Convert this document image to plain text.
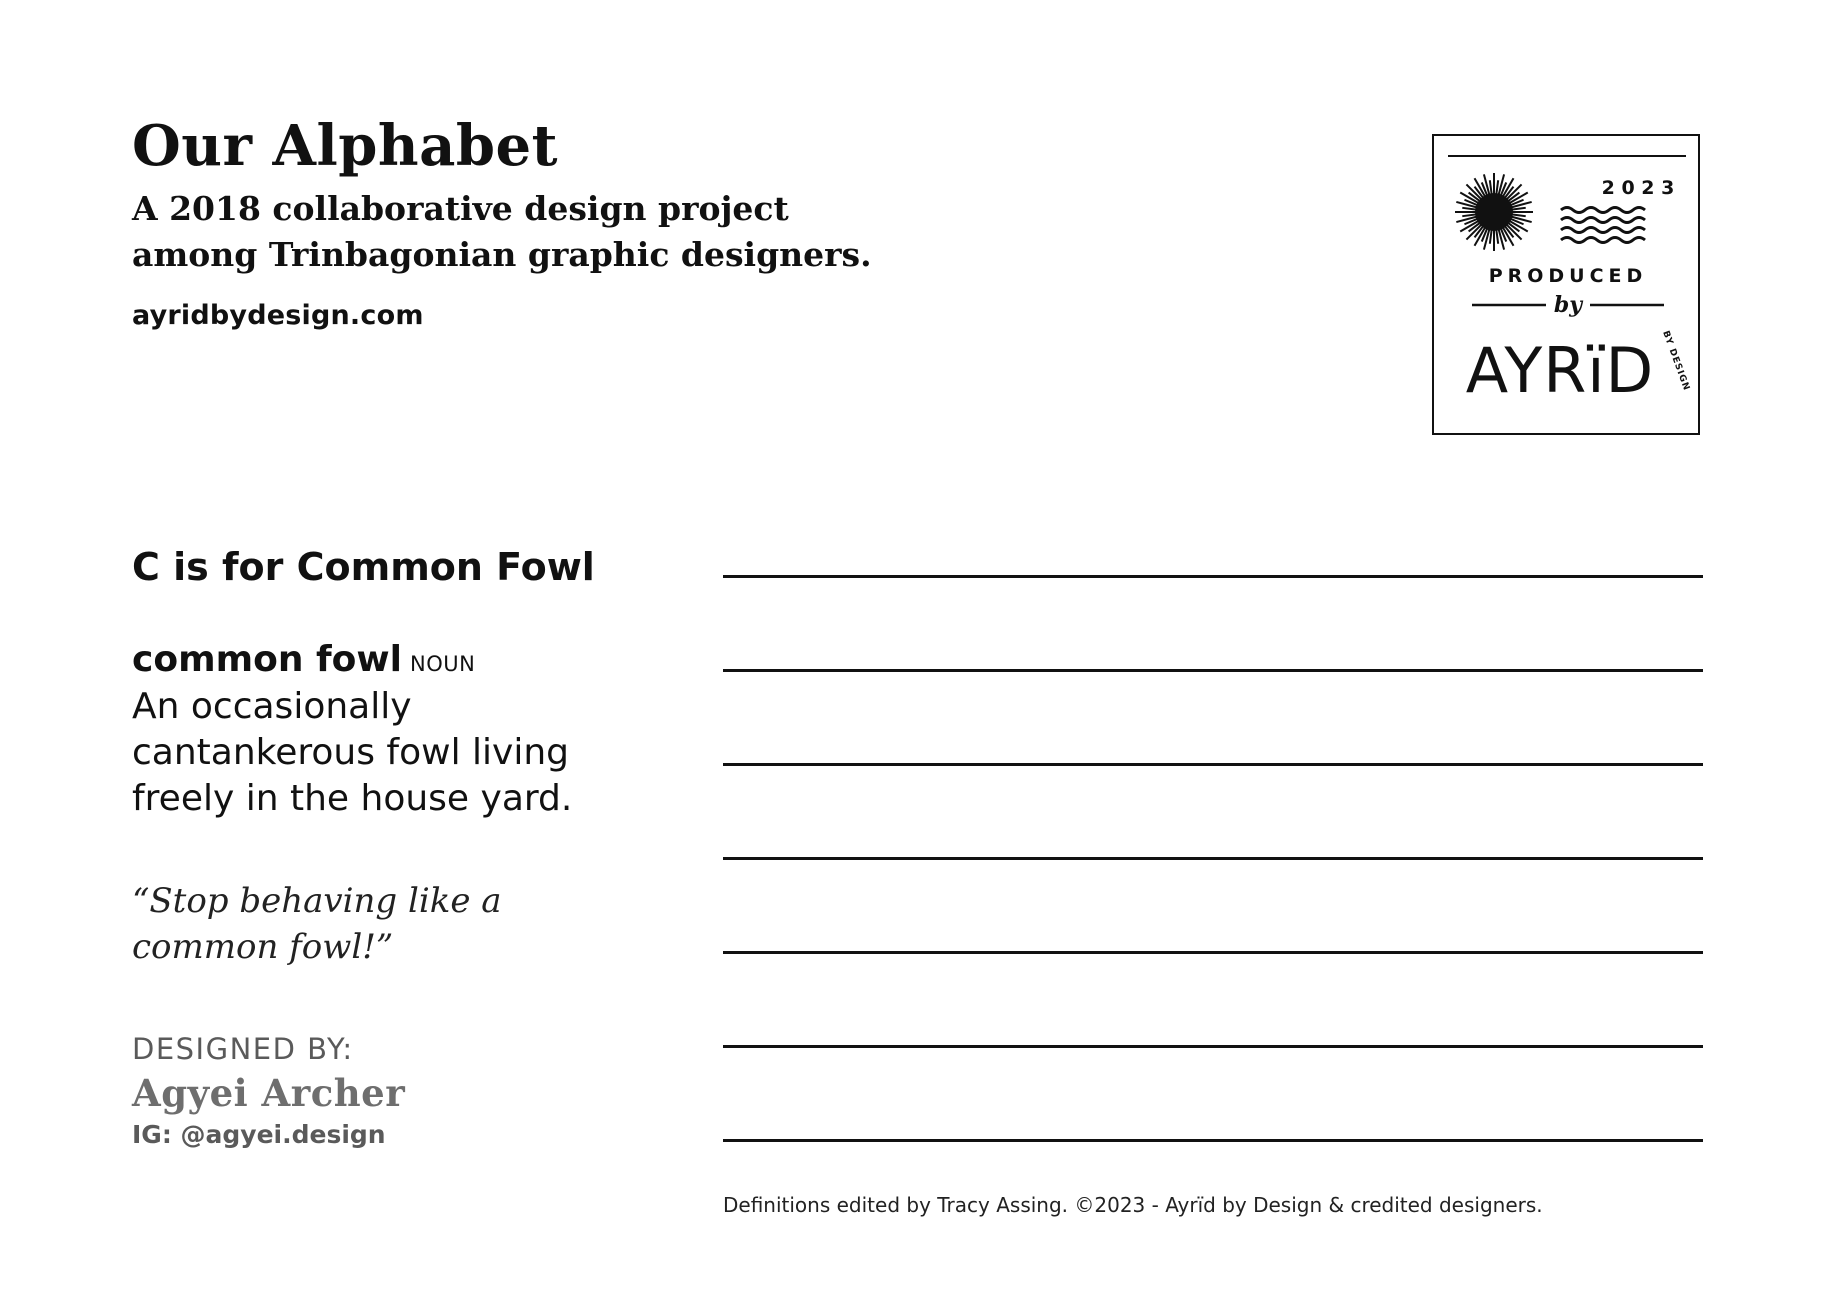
Our Alphabet
A 2018 collaborative design project
among Trinbagonian graphic designers.
ayridbydesign.com
2 0 2 3
PRODUCED
by
AYRïD BY DESIGN
C is for Common Fowl
common fowl NOUN
An occasionally
cantankerous fowl living
freely in the house yard.
“Stop behaving like a
common fowl!”
DESIGNED BY:
Agyei Archer
IG: @agyei.design
Definitions edited by Tracy Assing. ©2023 - Ayrïd by Design & credited designers.
